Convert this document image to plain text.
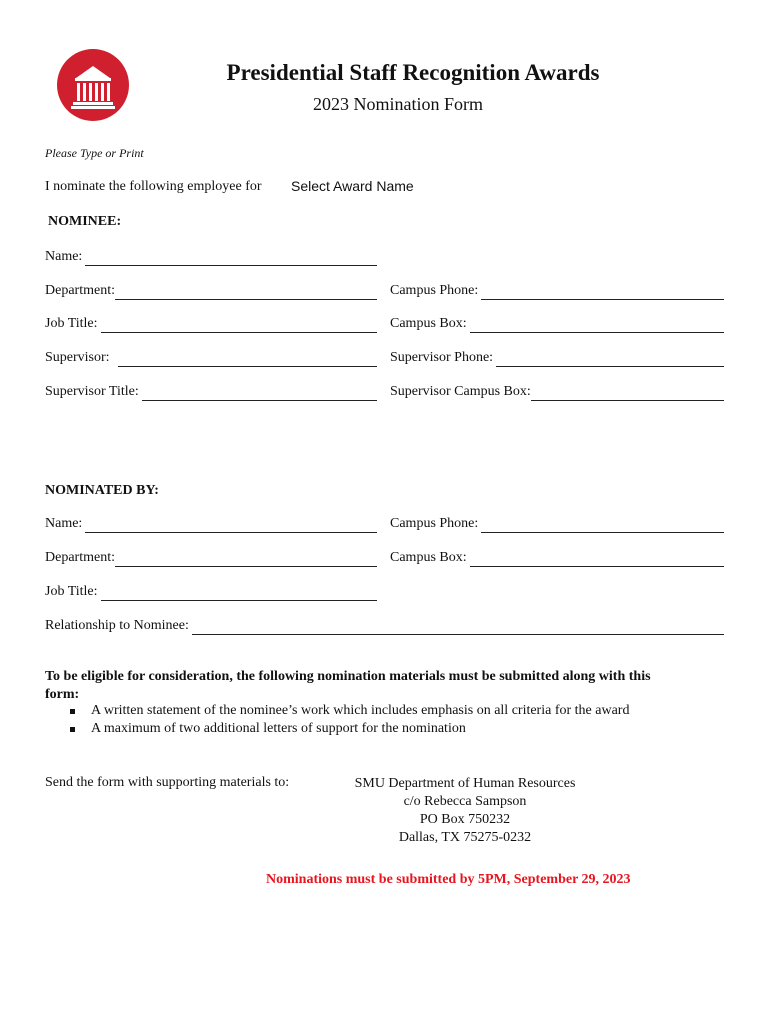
Presidential Staff Recognition Awards
2023 Nomination Form
Please Type or Print
I nominate the following employee for Select Award Name
NOMINEE:
Name:
Department:	Campus Phone:
Job Title:	Campus Box:
Supervisor:	Supervisor Phone:
Supervisor Title:	Supervisor Campus Box:
NOMINATED BY:
Name:	Campus Phone:
Department:	Campus Box:
Job Title:
Relationship to Nominee:
To be eligible for consideration, the following nomination materials must be submitted along with this
form:
A written statement of the nominee’s work which includes emphasis on all criteria for the award
A maximum of two additional letters of support for the nomination
Send the form with supporting materials to:	SMU Department of Human Resources
c/o Rebecca Sampson
PO Box 750232
Dallas, TX 75275-0232
Nominations must be submitted by 5PM, September 29, 2023
